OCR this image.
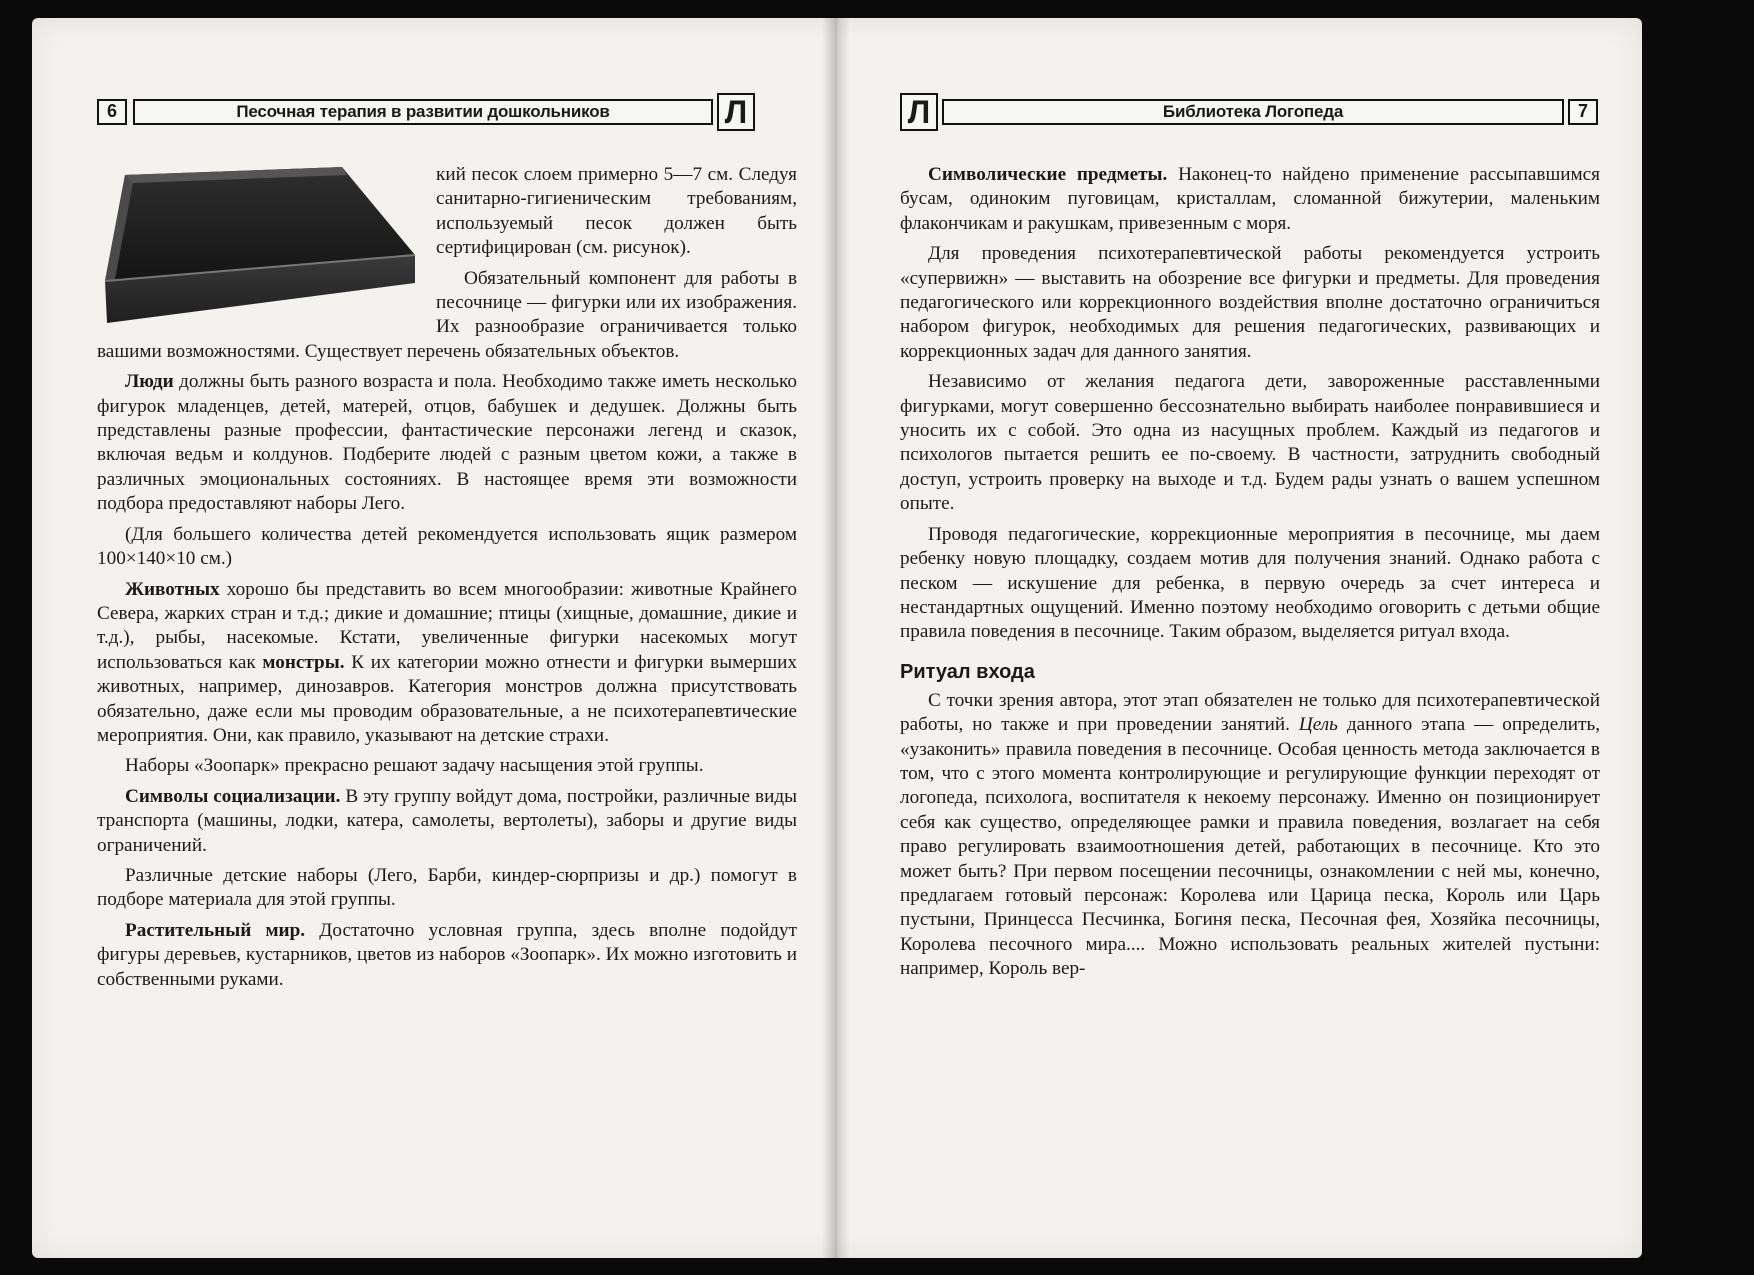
6	Песочная терапия в развитии дошкольников	Л

кий песок слоем примерно 5—7 см. Следуя санитарно-гигиеническим требованиям, используемый песок должен быть сертифицирован (см. рисунок).

Обязательный компонент для работы в песочнице — фигурки или их изображения. Их разнообразие ограничивается только вашими возможностями. Существует перечень обязательных объектов.

Люди должны быть разного возраста и пола. Необходимо также иметь несколько фигурок младенцев, детей, матерей, отцов, бабушек и дедушек. Должны быть представлены разные профессии, фантастические персонажи легенд и сказок, включая ведьм и колдунов. Подберите людей с разным цветом кожи, а также в различных эмоциональных состояниях. В настоящее время эти возможности подбора предоставляют наборы Лего.

(Для большего количества детей рекомендуется использовать ящик размером 100×140×10 см.)

Животных хорошо бы представить во всем многообразии: животные Крайнего Севера, жарких стран и т.д.; дикие и домашние; птицы (хищные, домашние, дикие и т.д.), рыбы, насекомые. Кстати, увеличенные фигурки насекомых могут использоваться как монстры. К их категории можно отнести и фигурки вымерших животных, например, динозавров. Категория монстров должна присутствовать обязательно, даже если мы проводим образовательные, а не психотерапевтические мероприятия. Они, как правило, указывают на детские страхи.

Наборы «Зоопарк» прекрасно решают задачу насыщения этой группы.

Символы социализации. В эту группу войдут дома, постройки, различные виды транспорта (машины, лодки, катера, самолеты, вертолеты), заборы и другие виды ограничений.

Различные детские наборы (Лего, Барби, киндер-сюрпризы и др.) помогут в подборе материала для этой группы.

Растительный мир. Достаточно условная группа, здесь вполне подойдут фигуры деревьев, кустарников, цветов из наборов «Зоопарк». Их можно изготовить и собственными руками.

Л	Библиотека Логопеда	7

Символические предметы. Наконец-то найдено применение рассыпавшимся бусам, одиноким пуговицам, кристаллам, сломанной бижутерии, маленьким флакончикам и ракушкам, привезенным с моря.

Для проведения психотерапевтической работы рекомендуется устроить «супервижн» — выставить на обозрение все фигурки и предметы. Для проведения педагогического или коррекционного воздействия вполне достаточно ограничиться набором фигурок, необходимых для решения педагогических, развивающих и коррекционных задач для данного занятия.

Независимо от желания педагога дети, завороженные расставленными фигурками, могут совершенно бессознательно выбирать наиболее понравившиеся и уносить их с собой. Это одна из насущных проблем. Каждый из педагогов и психологов пытается решить ее по-своему. В частности, затруднить свободный доступ, устроить проверку на выходе и т.д. Будем рады узнать о вашем успешном опыте.

Проводя педагогические, коррекционные мероприятия в песочнице, мы даем ребенку новую площадку, создаем мотив для получения знаний. Однако работа с песком — искушение для ребенка, в первую очередь за счет интереса и нестандартных ощущений. Именно поэтому необходимо оговорить с детьми общие правила поведения в песочнице. Таким образом, выделяется ритуал входа.

Ритуал входа

С точки зрения автора, этот этап обязателен не только для психотерапевтической работы, но также и при проведении занятий. Цель данного этапа — определить, «узаконить» правила поведения в песочнице. Особая ценность метода заключается в том, что с этого момента контролирующие и регулирующие функции переходят от логопеда, психолога, воспитателя к некоему персонажу. Именно он позиционирует себя как существо, определяющее рамки и правила поведения, возлагает на себя право регулировать взаимоотношения детей, работающих в песочнице. Кто это может быть? При первом посещении песочницы, ознакомлении с ней мы, конечно, предлагаем готовый персонаж: Королева или Царица песка, Король или Царь пустыни, Принцесса Песчинка, Богиня песка, Песочная фея, Хозяйка песочницы, Королева песочного мира.... Можно использовать реальных жителей пустыни: например, Король вер-
